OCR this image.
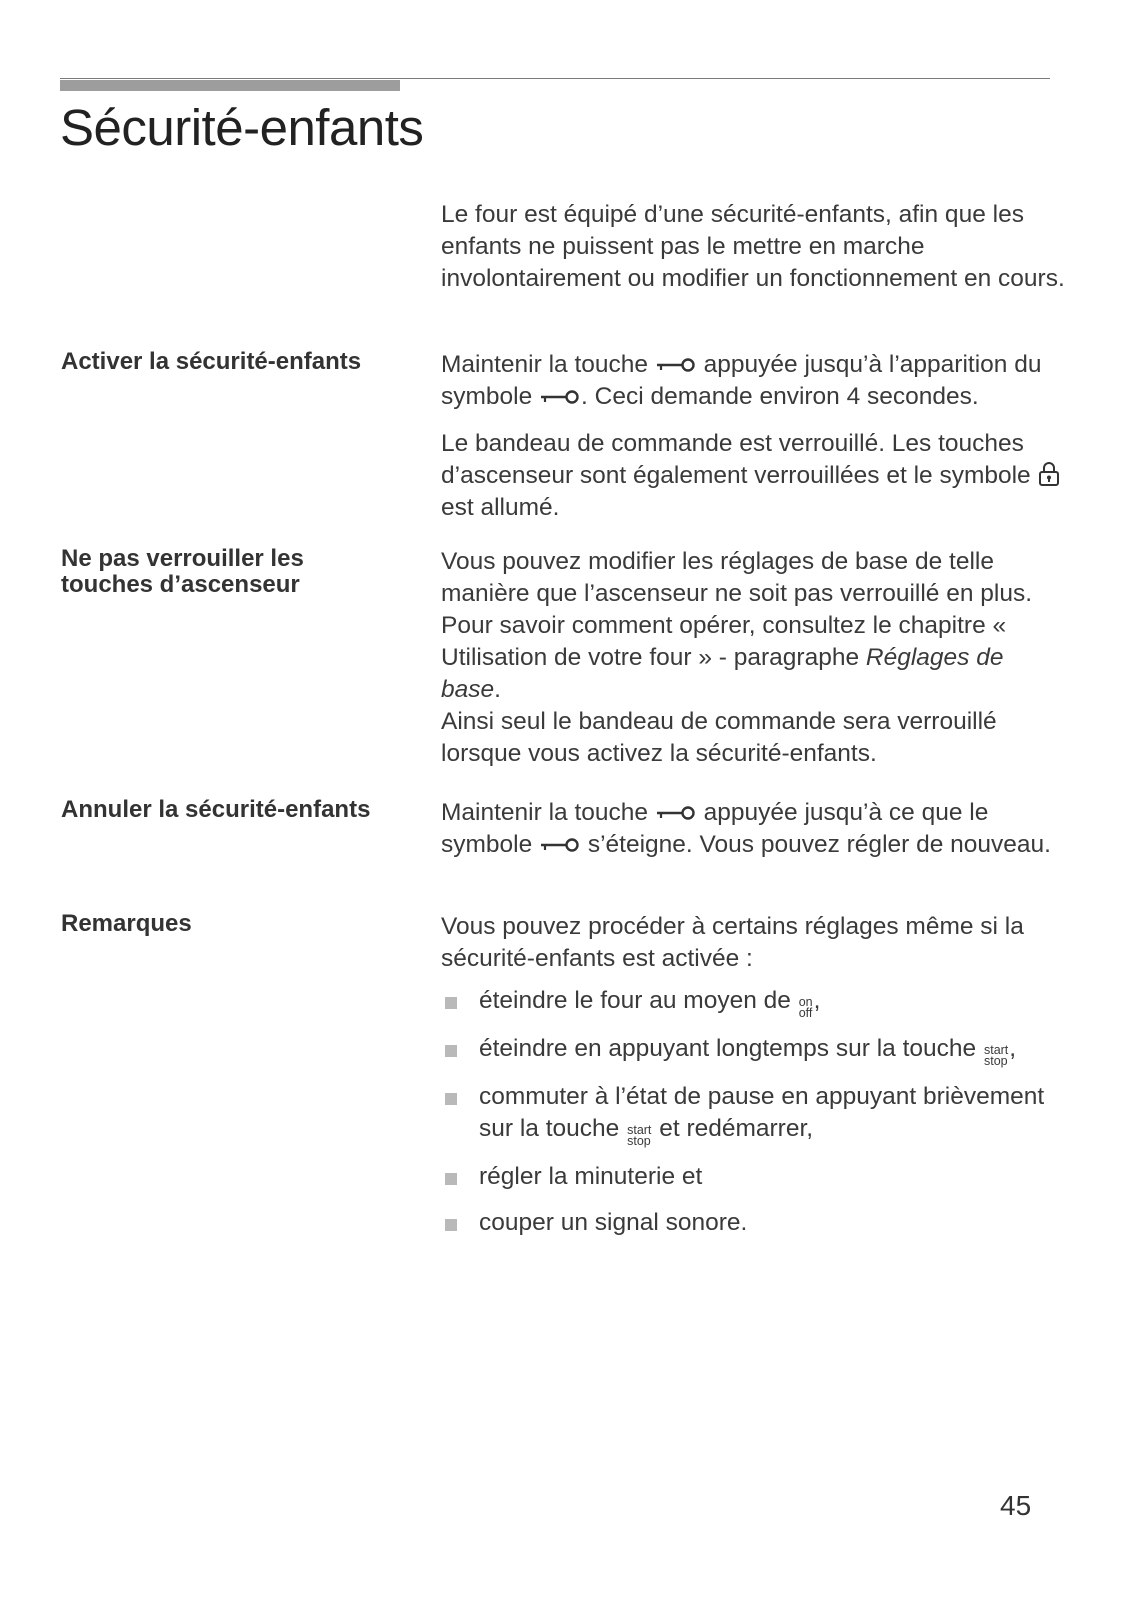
Sécurité-enfants

Le four est équipé d’une sécurité-enfants, afin que les enfants ne puissent pas le mettre en marche involontairement ou modifier un fonctionnement en cours.

Activer la sécurité-enfants	Maintenir la touche appuyée jusqu’à l’apparition du symbole . Ceci demande environ 4 secondes.

Le bandeau de commande est verrouillé. Les touches d’ascenseur sont également verrouillées et le symbole  est allumé.

Ne pas verrouiller les touches d’ascenseur

Vous pouvez modifier les réglages de base de telle manière que l’ascenseur ne soit pas verrouillé en plus. Pour savoir comment opérer, consultez le chapitre « Utilisation de votre four » - paragraphe Réglages de base.

Ainsi seul le bandeau de commande sera verrouillé lorsque vous activez la sécurité-enfants.

Annuler la sécurité-enfants	Maintenir la touche appuyée jusqu’à ce que le symbole s’éteigne. Vous pouvez régler de nouveau.

Remarques	Vous pouvez procéder à certains réglages même si la sécurité-enfants est activée :

éteindre le four au moyen de on
off ,
éteindre en appuyant longtemps sur la touche start
stop ,
commuter à l’état de pause en appuyant brièvement sur la touche start
stop et redémarrer,
régler la minuterie et
couper un signal sonore.
45
